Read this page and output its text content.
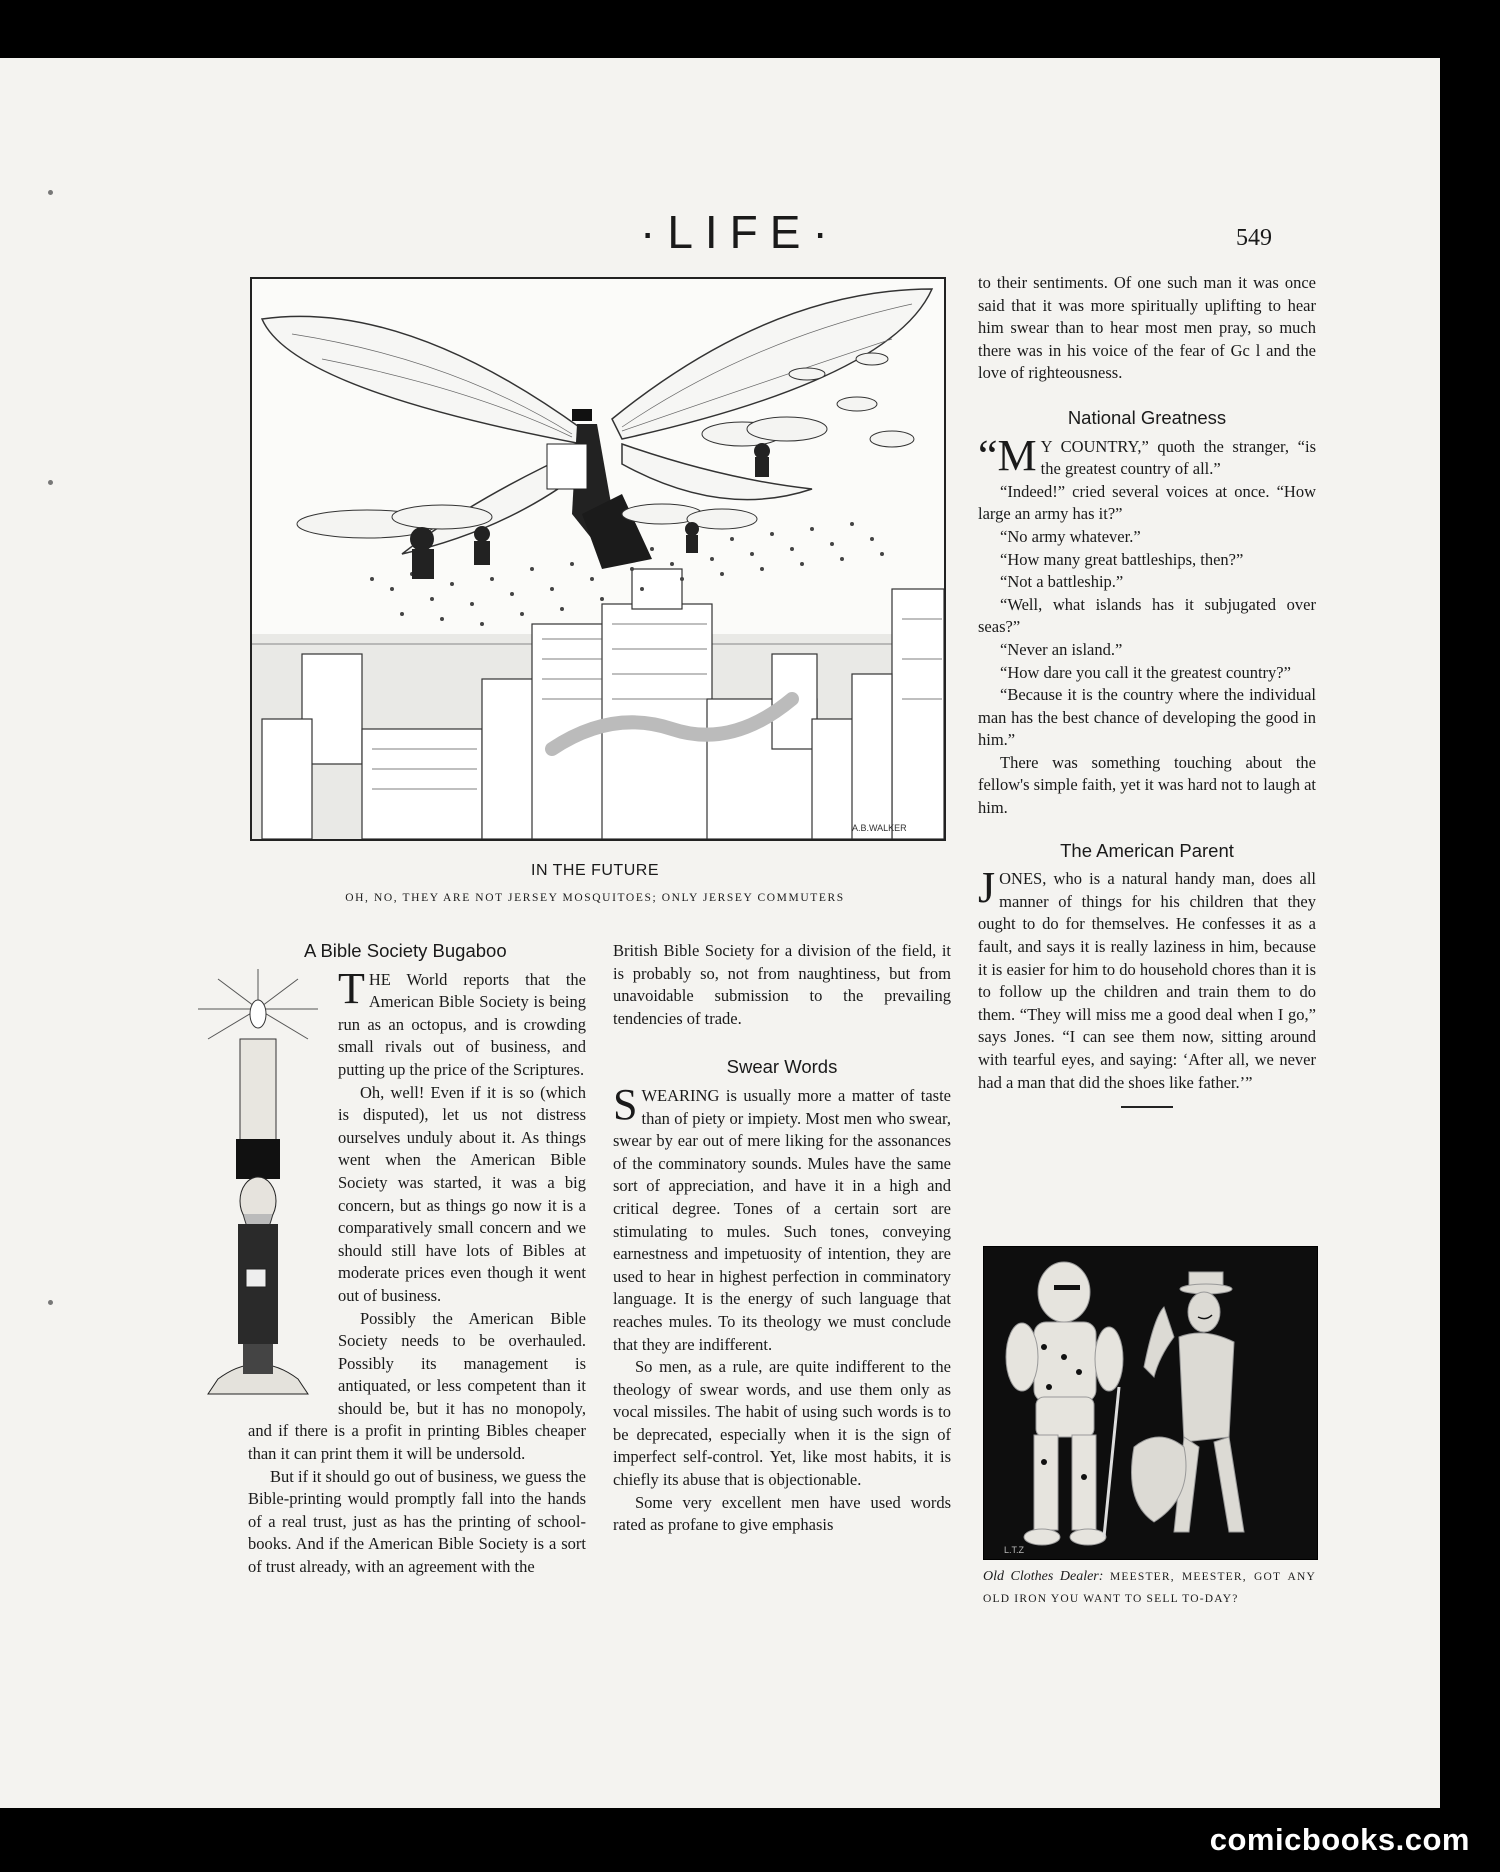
·LIFE·	549
A.B.WALKER
IN THE FUTURE
OH, NO, THEY ARE NOT JERSEY MOSQUITOES; ONLY JERSEY COMMUTERS
A Bible Society Bugaboo

THE World reports that the American Bible Society is being run as an octopus, and is crowding small rivals out of business, and putting up the price of the Scriptures.

Oh, well! Even if it is so (which is disputed), let us not distress ourselves unduly about it. As things went when the American Bible Society was started, it was a big concern, but as things go now it is a comparatively small concern and we should still have lots of Bibles at moderate prices even though it went out of business.

Possibly the American Bible Society needs to be overhauled. Possibly its management is antiquated, or less competent than it should be, but it has no monopoly, and if there is a profit in printing Bibles cheaper than it can print them it will be undersold.

But if it should go out of business, we guess the Bible-printing would promptly fall into the hands of a real trust, just as has the printing of school-books. And if the American Bible Society is a sort of trust already, with an agreement with the

British Bible Society for a division of the field, it is probably so, not from naughtiness, but from unavoidable submission to the prevailing tendencies of trade.

Swear Words

SWEARING is usually more a matter of taste than of piety or impiety. Most men who swear, swear by ear out of mere liking for the assonances of the comminatory sounds. Mules have the same sort of appreciation, and have it in a high and critical degree. Tones of a certain sort are stimulating to mules. Such tones, conveying earnestness and impetuosity of intention, they are used to hear in highest perfection in comminatory language. It is the energy of such language that reaches mules. To its theology we must conclude that they are indifferent.

So men, as a rule, are quite indifferent to the theology of swear words, and use them only as vocal missiles. The habit of using such words is to be deprecated, especially when it is the sign of imperfect self-control. Yet, like most habits, it is chiefly its abuse that is objectionable.

Some very excellent men have used words rated as profane to give emphasis

to their sentiments. Of one such man it was once said that it was more spiritually uplifting to hear him swear than to hear most men pray, so much there was in his voice of the fear of Gc l and the love of righteousness.

National Greatness

“M Y COUNTRY,” quoth the stranger, “is the greatest country of all.”

“Indeed!” cried several voices at once. “How large an army has it?”

“No army whatever.”

“How many great battleships, then?”

“Not a battleship.”

“Well, what islands has it subjugated over seas?”

“Never an island.”

“How dare you call it the greatest country?”

“Because it is the country where the individual man has the best chance of developing the good in him.”

There was something touching about the fellow's simple faith, yet it was hard not to laugh at him.

The American Parent

JONES, who is a natural handy man, does all manner of things for his children that they ought to do for themselves. He confesses it as a fault, and says it is really laziness in him, because it is easier for him to do household chores than it is to follow up the children and train them to do them. “They will miss me a good deal when I go,” says Jones. “I can see them now, sitting around with tearful eyes, and saying: ‘After all, we never had a man that did the shoes like father.’”

L.T.Z
Old Clothes Dealer: MEESTER, MEESTER, GOT ANY OLD IRON YOU WANT TO SELL TO-DAY?
comicbooks.com
